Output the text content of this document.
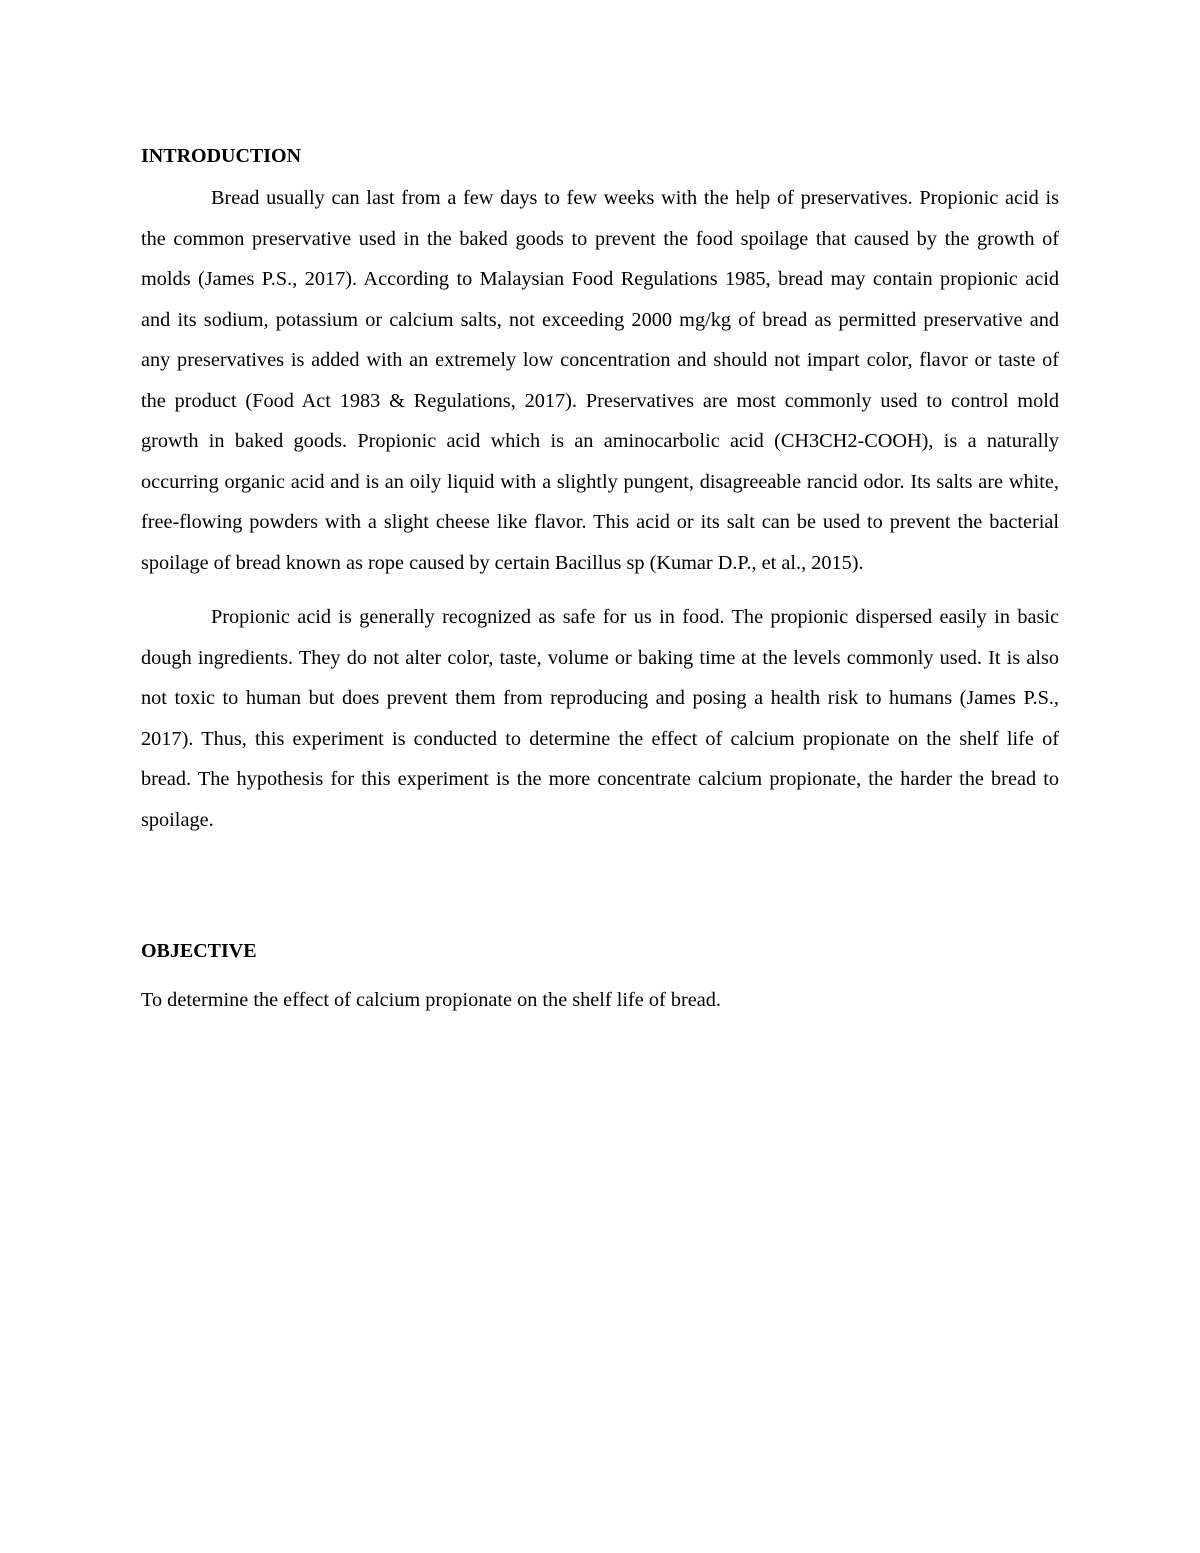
INTRODUCTION

Bread usually can last from a few days to few weeks with the help of preservatives. Propionic acid is the common preservative used in the baked goods to prevent the food spoilage that caused by the growth of molds (James P.S., 2017). According to Malaysian Food Regulations 1985, bread may contain propionic acid and its sodium, potassium or calcium salts, not exceeding 2000 mg/kg of bread as permitted preservative and any preservatives is added with an extremely low concentration and should not impart color, flavor or taste of the product (Food Act 1983 & Regulations, 2017). Preservatives are most commonly used to control mold growth in baked goods. Propionic acid which is an aminocarbolic acid (CH3CH2-COOH), is a naturally occurring organic acid and is an oily liquid with a slightly pungent, disagreeable rancid odor. Its salts are white, free-flowing powders with a slight cheese like flavor. This acid or its salt can be used to prevent the bacterial spoilage of bread known as rope caused by certain Bacillus sp (Kumar D.P., et al., 2015).

Propionic acid is generally recognized as safe for us in food. The propionic dispersed easily in basic dough ingredients. They do not alter color, taste, volume or baking time at the levels commonly used. It is also not toxic to human but does prevent them from reproducing and posing a health risk to humans (James P.S., 2017). Thus, this experiment is conducted to determine the effect of calcium propionate on the shelf life of bread. The hypothesis for this experiment is the more concentrate calcium propionate, the harder the bread to spoilage.

OBJECTIVE

To determine the effect of calcium propionate on the shelf life of bread.
